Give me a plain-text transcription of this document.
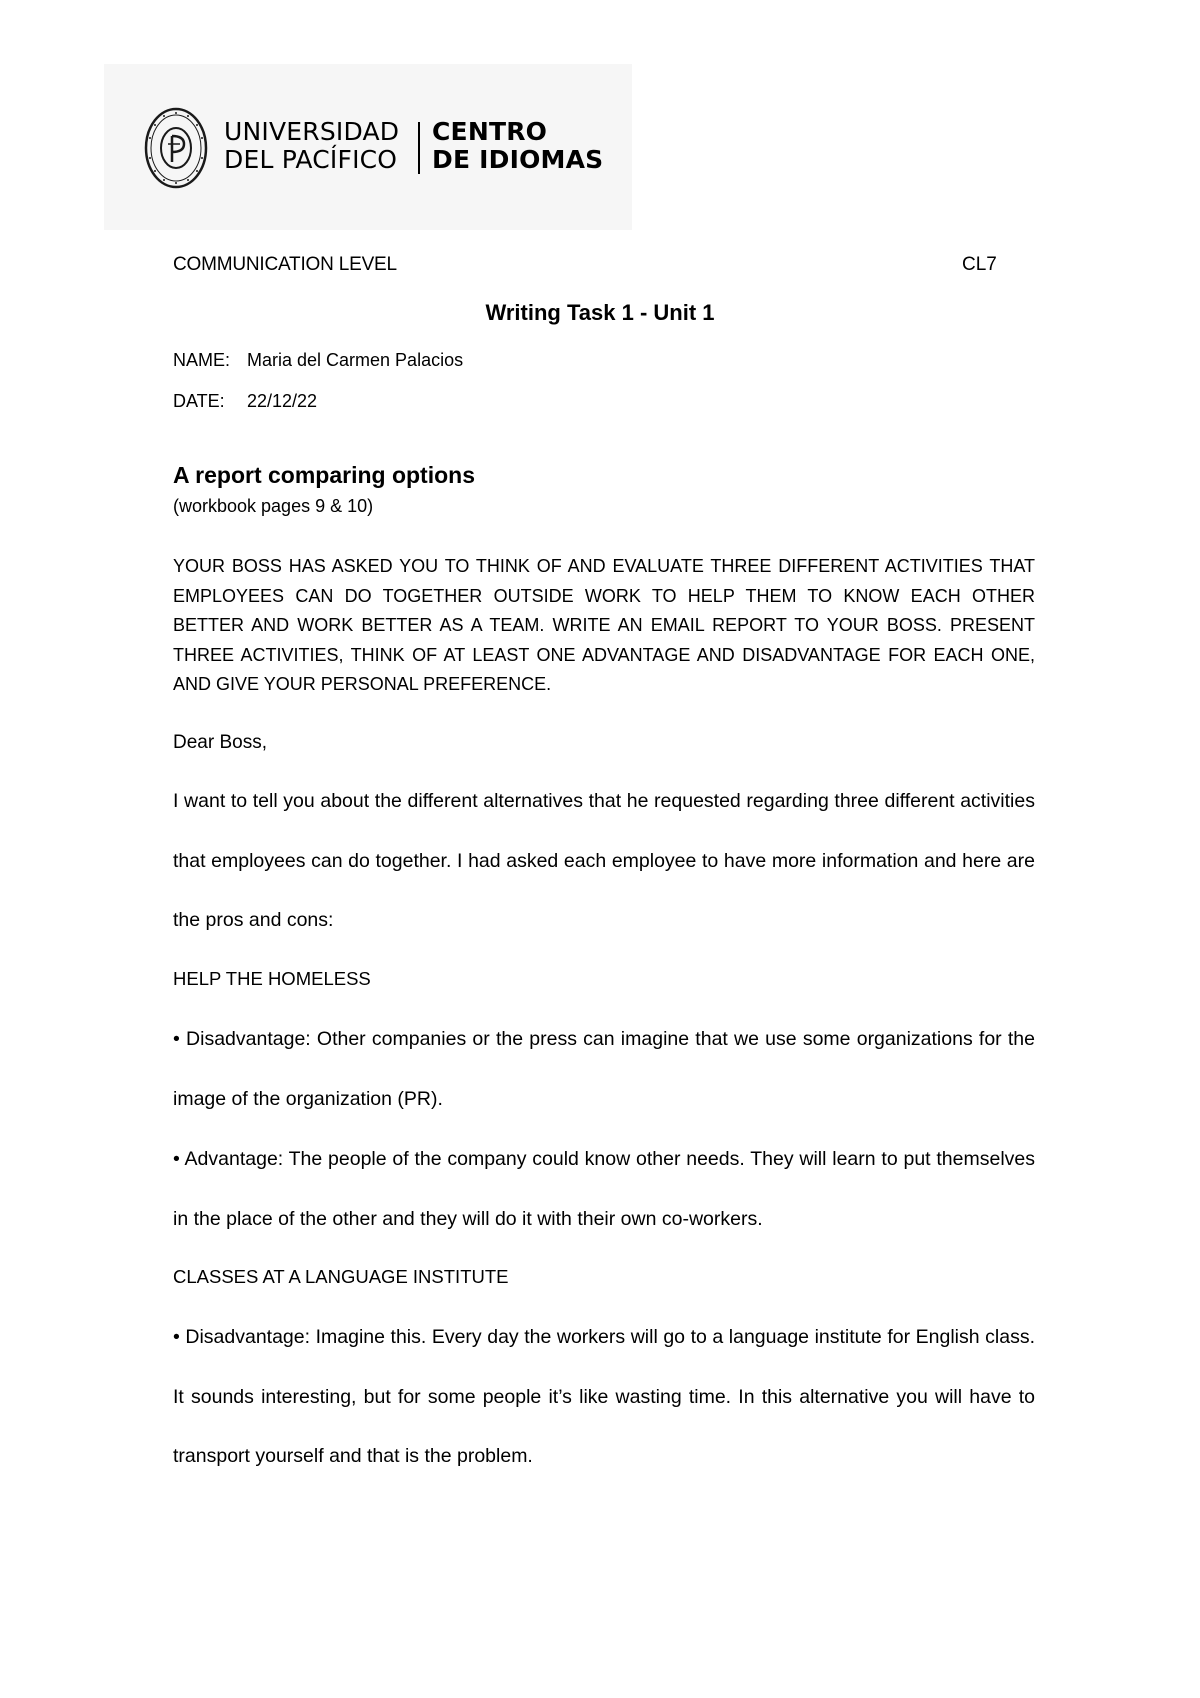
UNIVERSIDAD
DEL PACÍFICO
CENTRO
DE IDIOMAS
COMMUNICATION LEVEL	CL7
Writing Task 1 - Unit 1
NAME: Maria del Carmen Palacios
DATE: 22/12/22
A report comparing options
(workbook pages 9 & 10)
YOUR BOSS HAS ASKED YOU TO THINK OF AND EVALUATE THREE DIFFERENT ACTIVITIES THAT EMPLOYEES CAN DO TOGETHER OUTSIDE WORK TO HELP THEM TO KNOW EACH OTHER BETTER AND WORK BETTER AS A TEAM. WRITE AN EMAIL REPORT TO YOUR BOSS. PRESENT THREE ACTIVITIES, THINK OF AT LEAST ONE ADVANTAGE AND DISADVANTAGE FOR EACH ONE, AND GIVE YOUR PERSONAL PREFERENCE.
Dear Boss,
I want to tell you about the different alternatives that he requested regarding three different activities that employees can do together. I had asked each employee to have more information and here are the pros and cons:
HELP THE HOMELESS
• Disadvantage: Other companies or the press can imagine that we use some organizations for the image of the organization (PR).
• Advantage: The people of the company could know other needs. They will learn to put themselves in the place of the other and they will do it with their own co-workers.
CLASSES AT A LANGUAGE INSTITUTE
• Disadvantage: Imagine this. Every day the workers will go to a language institute for English class. It sounds interesting, but for some people it’s like wasting time. In this alternative you will have to transport yourself and that is the problem.
